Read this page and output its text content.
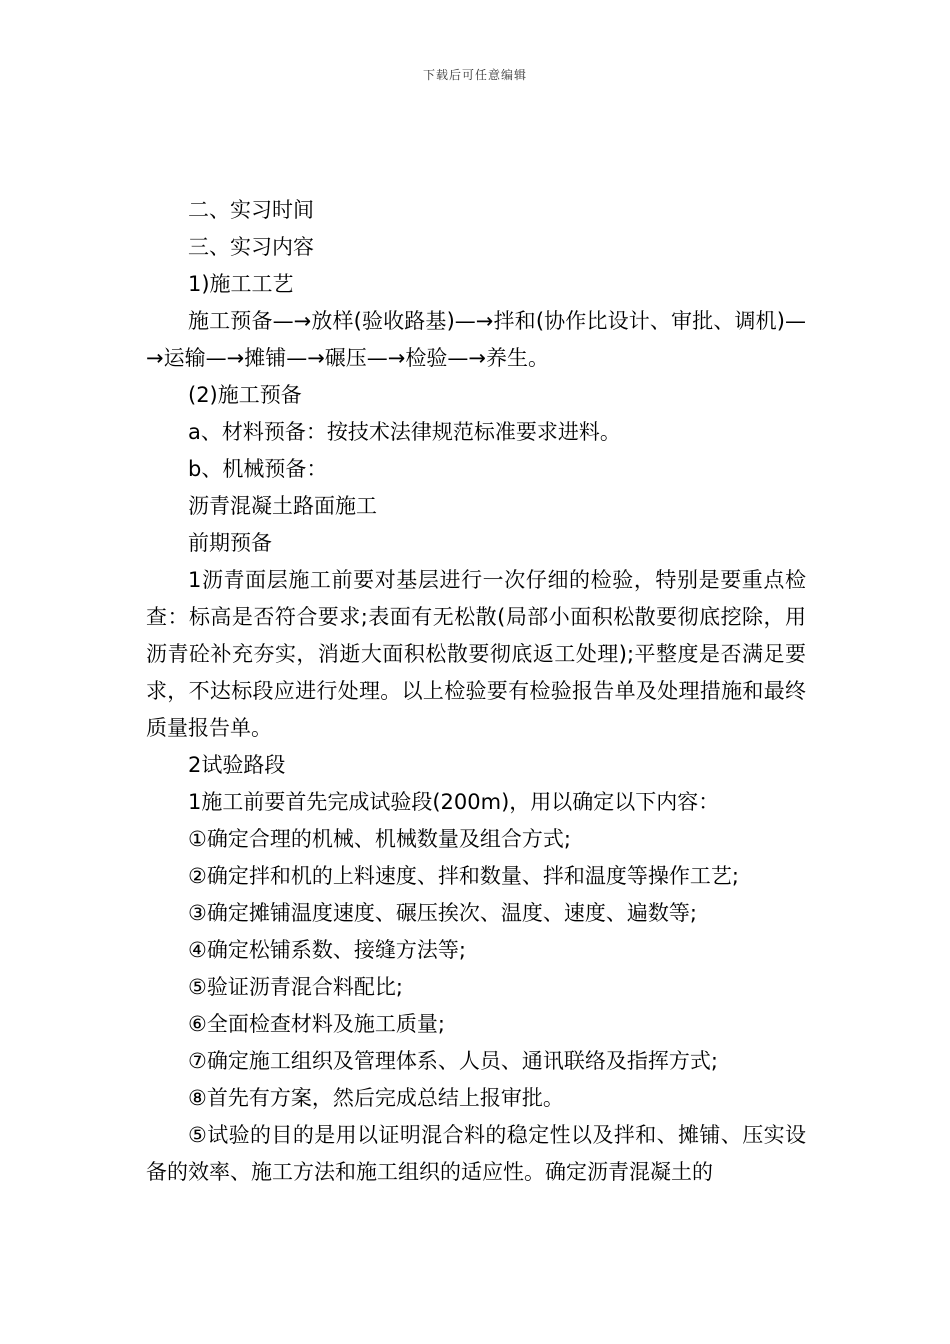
下载后可任意编辑

二、实习时间

三、实习内容

1)施工工艺

施工预备—→放样(验收路基)—→拌和(协作比设计、审批、调机)—→运输—→摊铺—→碾压—→检验—→养生。

(2)施工预备

a、材料预备：按技术法律规范标准要求进料。

b、机械预备：

沥青混凝土路面施工

前期预备

1沥青面层施工前要对基层进行一次仔细的检验，特别是要重点检查：标高是否符合要求;表面有无松散(局部小面积松散要彻底挖除，用沥青砼补充夯实，消逝大面积松散要彻底返工处理);平整度是否满足要求，不达标段应进行处理。以上检验要有检验报告单及处理措施和最终质量报告单。

2试验路段

1施工前要首先完成试验段(200m)，用以确定以下内容：

①确定合理的机械、机械数量及组合方式;

②确定拌和机的上料速度、拌和数量、拌和温度等操作工艺;

③确定摊铺温度速度、碾压挨次、温度、速度、遍数等;

④确定松铺系数、接缝方法等;

⑤验证沥青混合料配比;

⑥全面检查材料及施工质量;

⑦确定施工组织及管理体系、人员、通讯联络及指挥方式;

⑧首先有方案，然后完成总结上报审批。

⑤试验的目的是用以证明混合料的稳定性以及拌和、摊铺、压实设备的效率、施工方法和施工组织的适应性。确定沥青混凝土的
